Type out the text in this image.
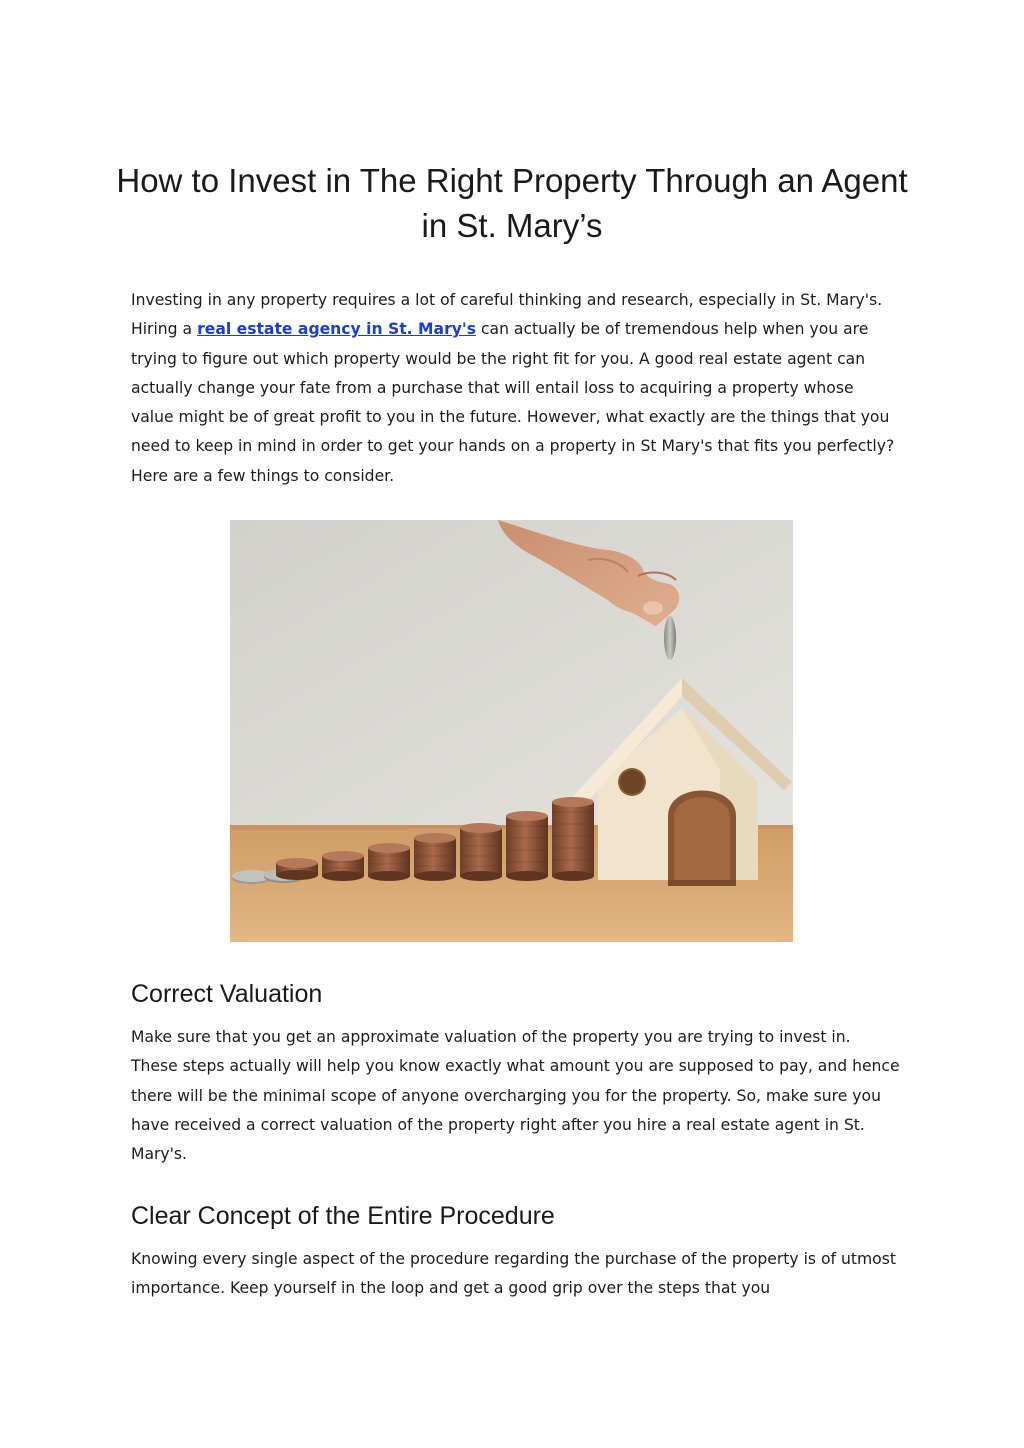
How to Invest in The Right Property Through an Agent in St. Mary’s

Investing in any property requires a lot of careful thinking and research, especially in St. Mary's. Hiring a real estate agency in St. Mary's can actually be of tremendous help when you are trying to figure out which property would be the right fit for you. A good real estate agent can actually change your fate from a purchase that will entail loss to acquiring a property whose value might be of great profit to you in the future. However, what exactly are the things that you need to keep in mind in order to get your hands on a property in St Mary's that fits you perfectly? Here are a few things to consider.

Correct Valuation

Make sure that you get an approximate valuation of the property you are trying to invest in. These steps actually will help you know exactly what amount you are supposed to pay, and hence there will be the minimal scope of anyone overcharging you for the property. So, make sure you have received a correct valuation of the property right after you hire a real estate agent in St. Mary's.

Clear Concept of the Entire Procedure

Knowing every single aspect of the procedure regarding the purchase of the property is of utmost importance. Keep yourself in the loop and get a good grip over the steps that you
